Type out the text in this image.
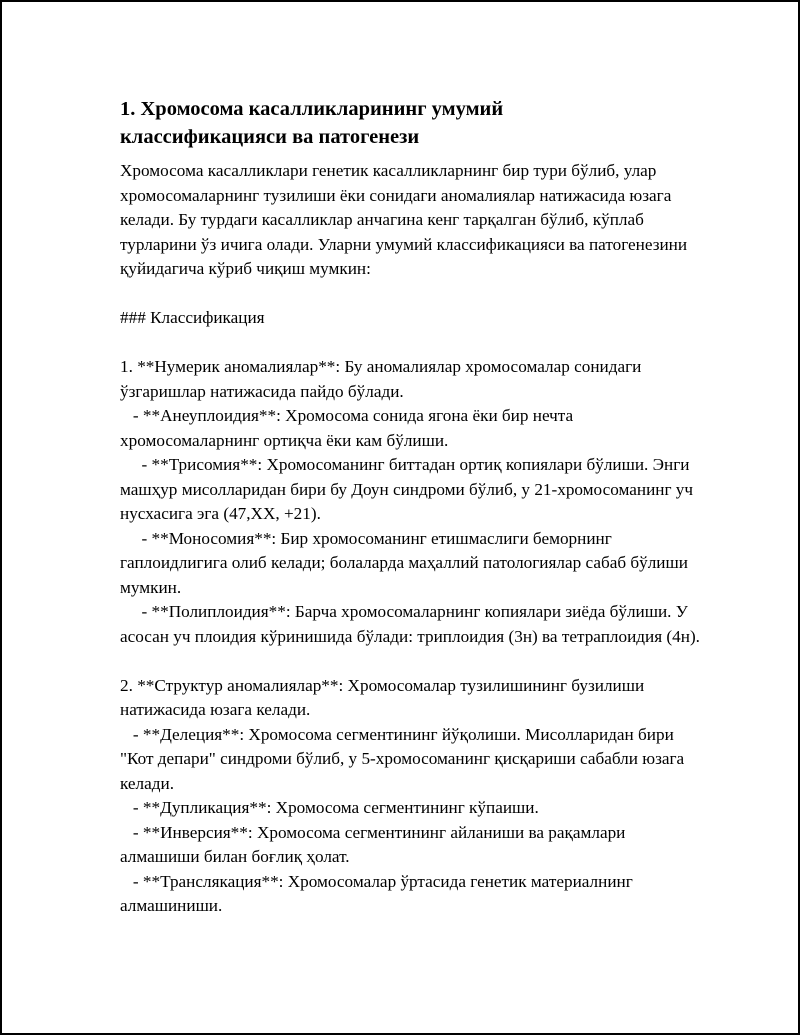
1. Хромосома касалликларининг умумий
классификацияси ва патогенези

Хромосома касалликлари генетик касалликларнинг бир тури бўлиб, улар хромосомаларнинг тузилиши ёки сонидаги аномалиялар натижасида юзага келади. Бу турдаги касалликлар анчагина кенг тарқалган бўлиб, кўплаб турларини ўз ичига олади. Уларни умумий классификацияси ва патогенезини қуйидагича кўриб чиқиш мумкин:

### Классификация

1. **Нумерик аномалиялар**: Бу аномалиялар хромосомалар сонидаги ўзгаришлар натижасида пайдо бўлади.

- **Анеуплоидия**: Хромосома сонида ягона ёки бир нечта хромосомаларнинг ортиқча ёки кам бўлиши.

- **Трисомия**: Хромосоманинг биттадан ортиқ копиялари бўлиши. Энги машҳур мисолларидан бири бу Доун синдроми бўлиб, у 21-хромосоманинг уч нусхасига эга (47,XX, +21).

- **Моносомия**: Бир хромосоманинг етишмаслиги беморнинг гаплоидлигига олиб келади; болаларда маҳаллий патологиялар сабаб бўлиши мумкин.

- **Полиплоидия**: Барча хромосомаларнинг копиялари зиёда бўлиши. У асосан уч плоидия кўринишида бўлади: триплоидия (3н) ва тетраплоидия (4н).

2. **Структур аномалиялар**: Хромосомалар тузилишининг бузилиши натижасида юзага келади.

- **Делеция**: Хромосома сегментининг йўқолиши. Мисолларидан бири "Кот депари" синдроми бўлиб, у 5-хромосоманинг қисқариши сабабли юзага келади.

- **Дупликация**: Хромосома сегментининг кўпаиши.

- **Инверсия**: Хромосома сегментининг айланиши ва рақамлари алмашиши билан боғлиқ ҳолат.

- **Транслякация**: Хромосомалар ўртасида генетик материалнинг алмашиниши.
